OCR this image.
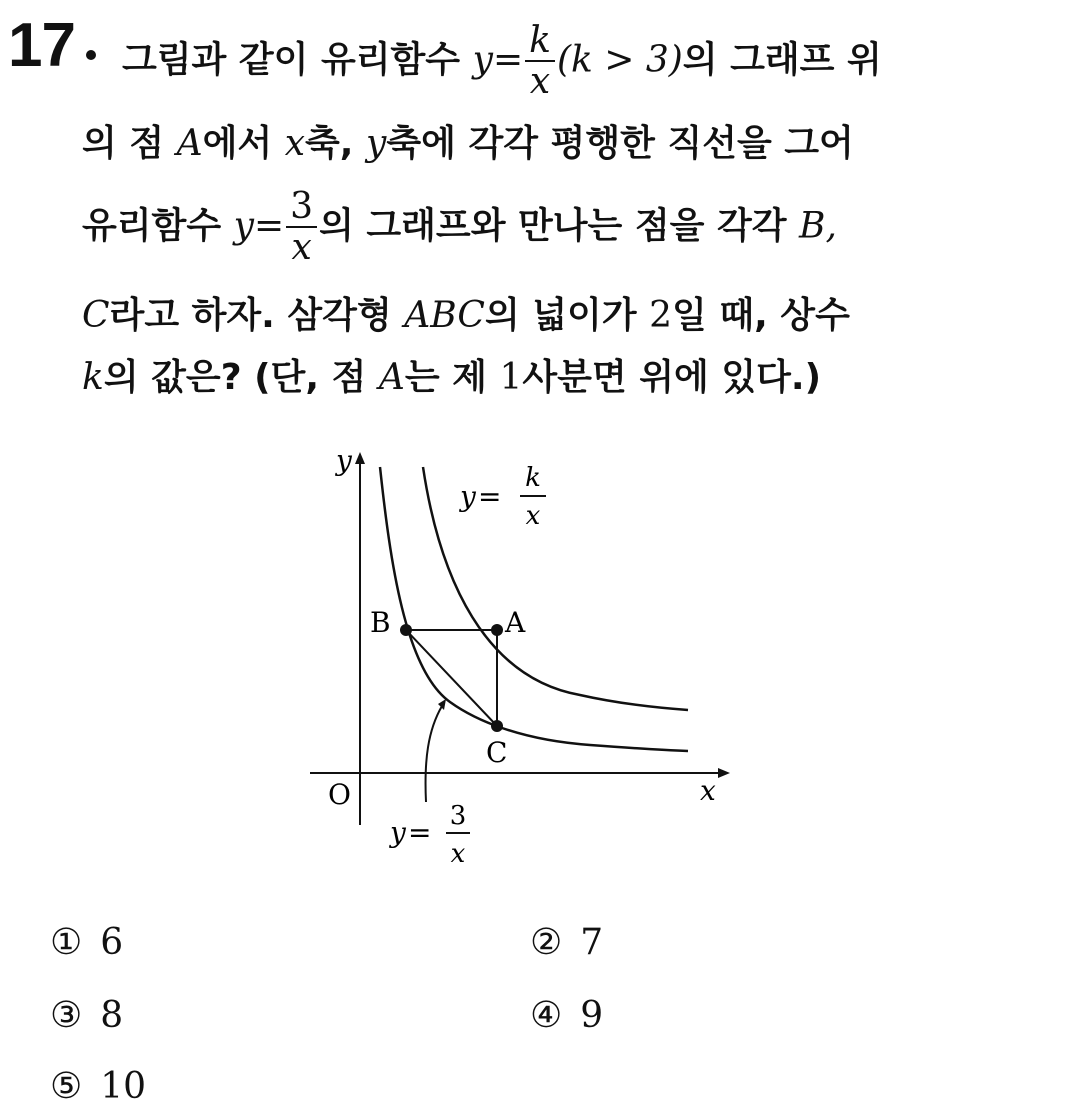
17 그림과 같이 유리함수 $y= \frac{k}{x} (k > 3)$의 그래프 위
의 점 A에서 x축, y축에 각각 평행한 직선을 그어
유리함수 $y= \frac{3}{x}$ 의 그래프와 만나는 점을 각각 B,
C라고 하자. 삼각형 ABC의 넓이가 2일 때, 상수
k의 값은? (단, 점 A는 제 1사분면 위에 있다.)
y
x
O
A
B
C
y =
k
x
y = 3
x
① 6	② 7
③ 8	④ 9
⑤ 10
